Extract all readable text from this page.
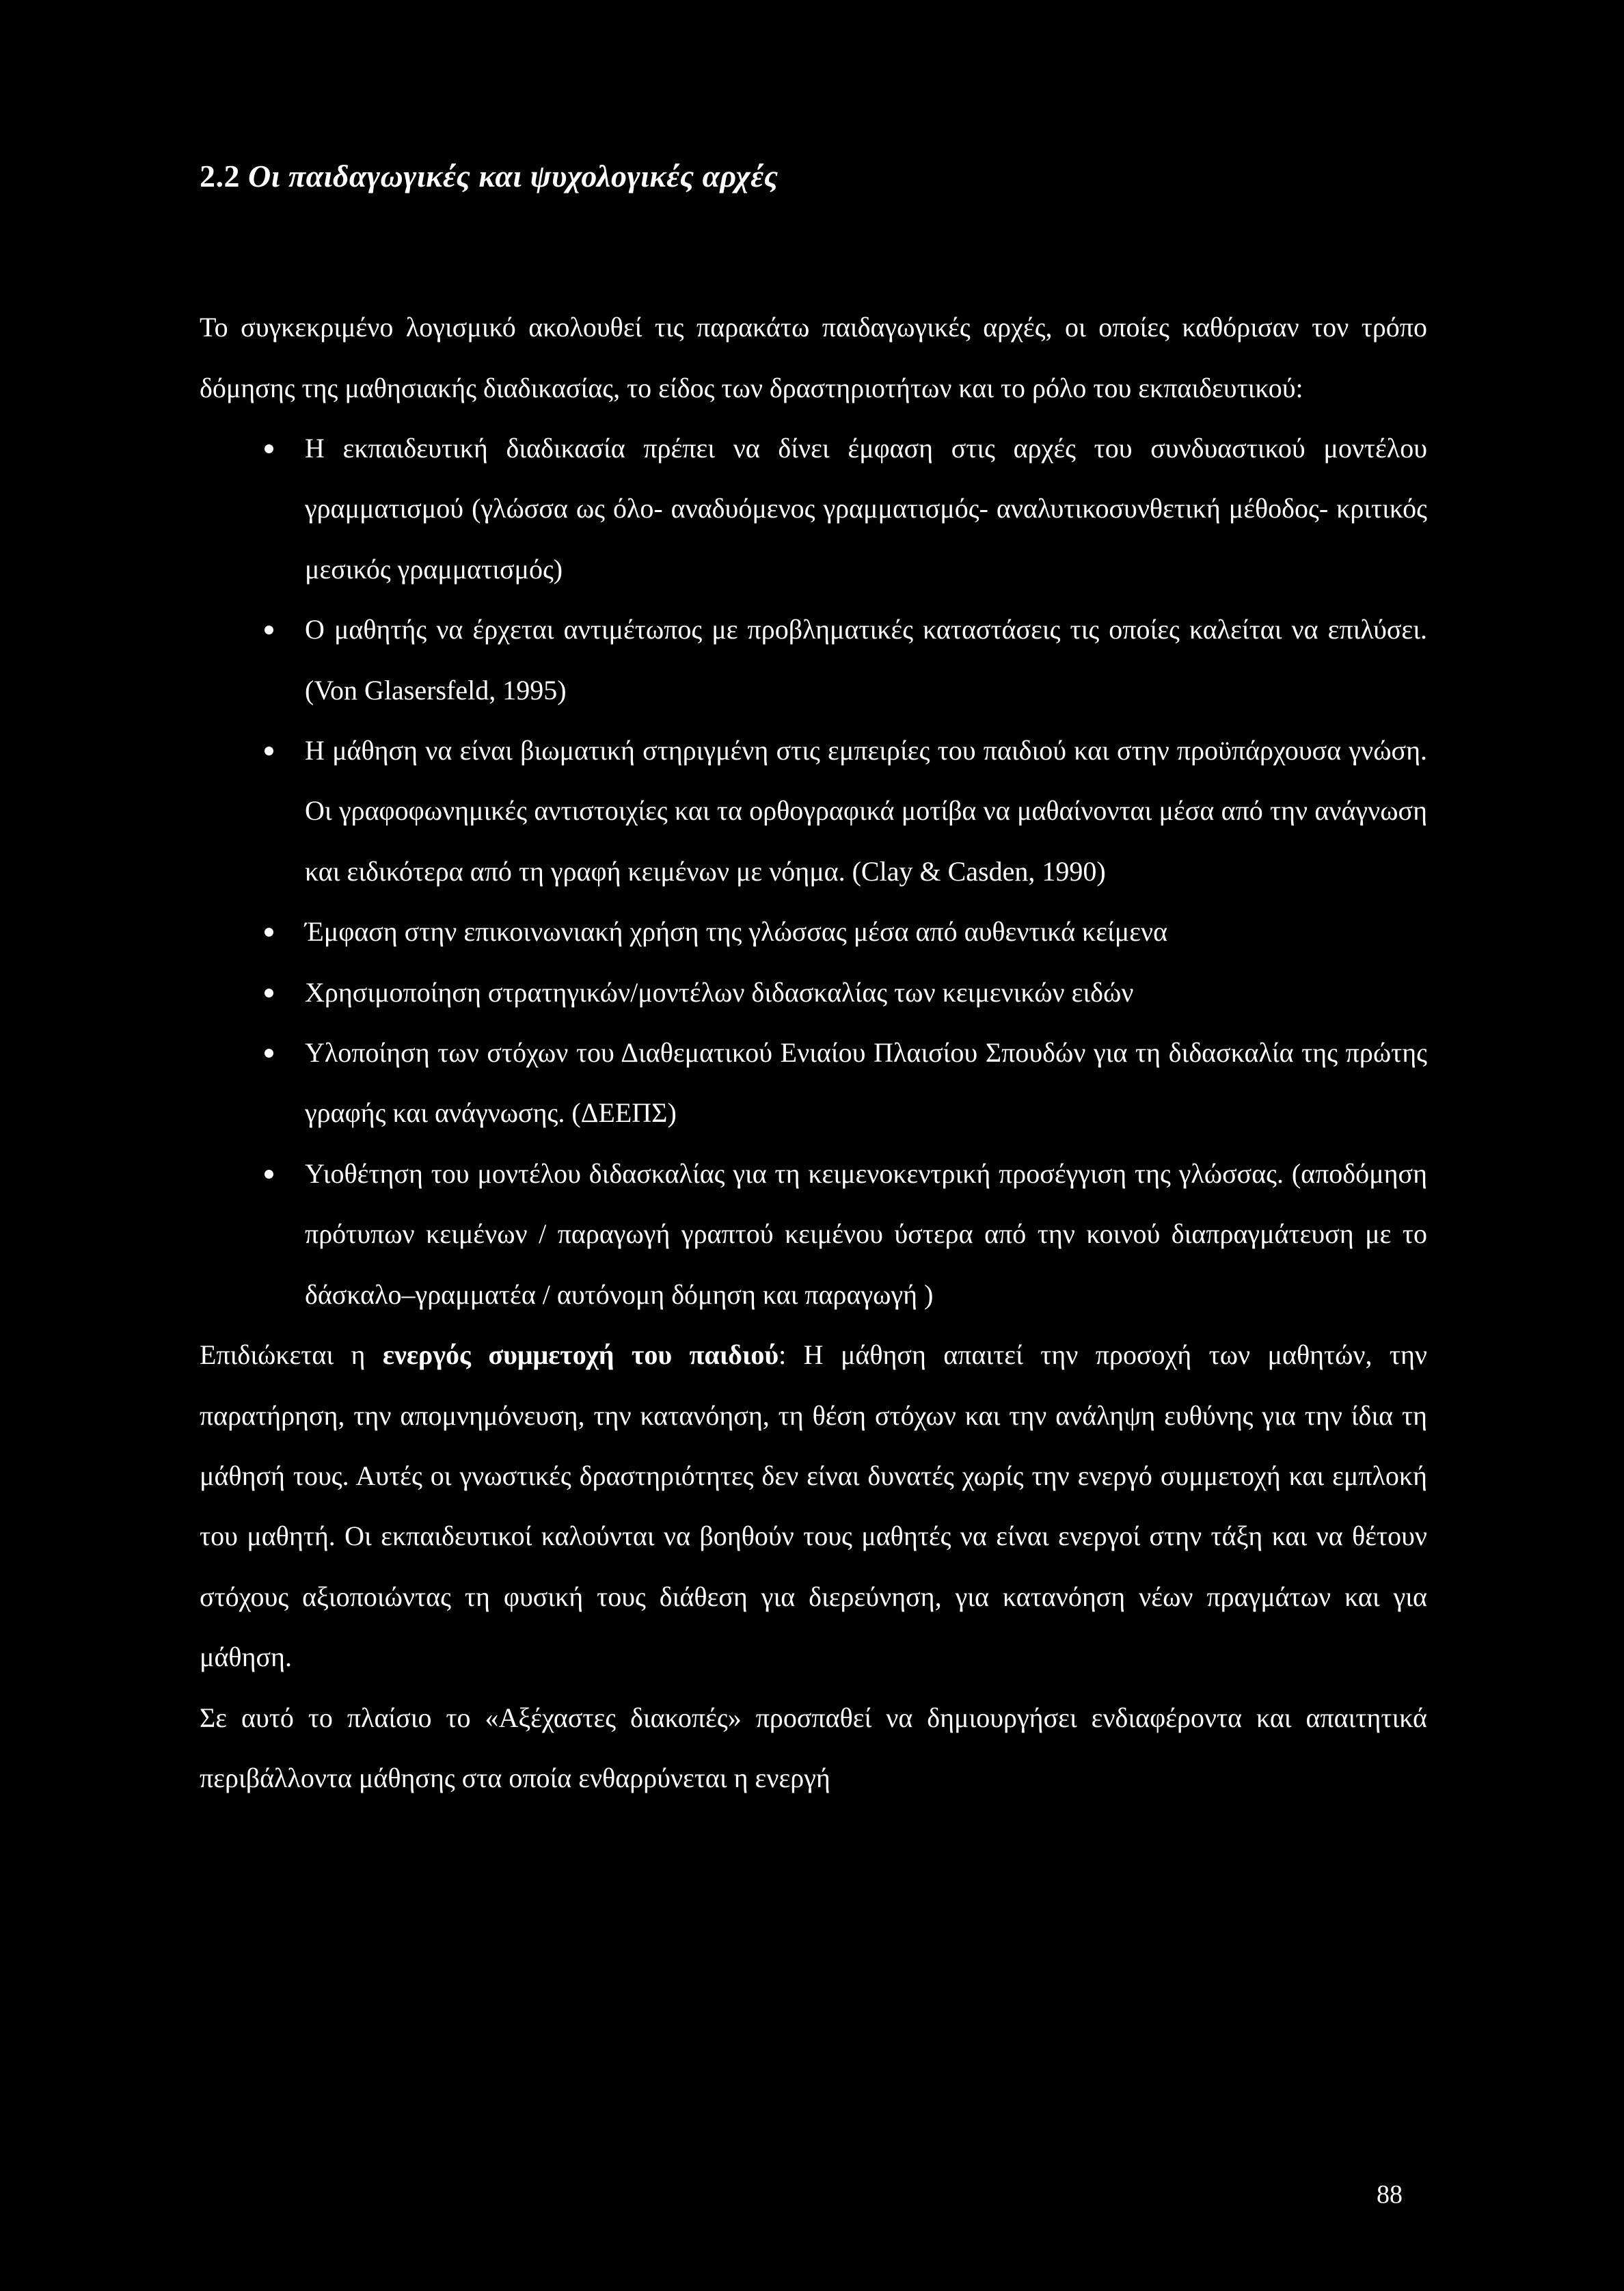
2.2 Οι παιδαγωγικές και ψυχολογικές αρχές

Το συγκεκριμένο λογισμικό ακολουθεί τις παρακάτω παιδαγωγικές αρχές, οι οποίες καθόρισαν τον τρόπο δόμησης της μαθησιακής διαδικασίας, το είδος των δραστηριοτήτων και το ρόλο του εκπαιδευτικού:

Η εκπαιδευτική διαδικασία πρέπει να δίνει έμφαση στις αρχές του συνδυαστικού μοντέλου γραμματισμού (γλώσσα ως όλο- αναδυόμενος γραμματισμός- αναλυτικοσυνθετική μέθοδος- κριτικός μεσικός γραμματισμός)
Ο μαθητής να έρχεται αντιμέτωπος με προβληματικές καταστάσεις τις οποίες καλείται να επιλύσει. (Von Glasersfeld, 1995)
Η μάθηση να είναι βιωματική στηριγμένη στις εμπειρίες του παιδιού και στην προϋπάρχουσα γνώση. Οι γραφοφωνημικές αντιστοιχίες και τα ορθογραφικά μοτίβα να μαθαίνονται μέσα από την ανάγνωση και ειδικότερα από τη γραφή κειμένων με νόημα. (Clay & Casden, 1990)
Έμφαση στην επικοινωνιακή χρήση της γλώσσας μέσα από αυθεντικά κείμενα
Χρησιμοποίηση στρατηγικών/μοντέλων διδασκαλίας των κειμενικών ειδών
Υλοποίηση των στόχων του Διαθεματικού Ενιαίου Πλαισίου Σπουδών για τη διδασκαλία της πρώτης γραφής και ανάγνωσης. (ΔΕΕΠΣ)
Υιοθέτηση του μοντέλου διδασκαλίας για τη κειμενοκεντρική προσέγγιση της γλώσσας. (αποδόμηση πρότυπων κειμένων / παραγωγή γραπτού κειμένου ύστερα από την κοινού διαπραγμάτευση με το δάσκαλο–γραμματέα / αυτόνομη δόμηση και παραγωγή )

Επιδιώκεται η ενεργός συμμετοχή του παιδιού: Η μάθηση απαιτεί την προσοχή των μαθητών, την παρατήρηση, την απομνημόνευση, την κατανόηση, τη θέση στόχων και την ανάληψη ευθύνης για την ίδια τη μάθησή τους. Αυτές οι γνωστικές δραστηριότητες δεν είναι δυνατές χωρίς την ενεργό συμμετοχή και εμπλοκή του μαθητή. Οι εκπαιδευτικοί καλούνται να βοηθούν τους μαθητές να είναι ενεργοί στην τάξη και να θέτουν στόχους αξιοποιώντας τη φυσική τους διάθεση για διερεύνηση, για κατανόηση νέων πραγμάτων και για μάθηση.

Σε αυτό το πλαίσιο το «Αξέχαστες διακοπές» προσπαθεί να δημιουργήσει ενδιαφέροντα και απαιτητικά περιβάλλοντα μάθησης στα οποία ενθαρρύνεται η ενεργή

88
